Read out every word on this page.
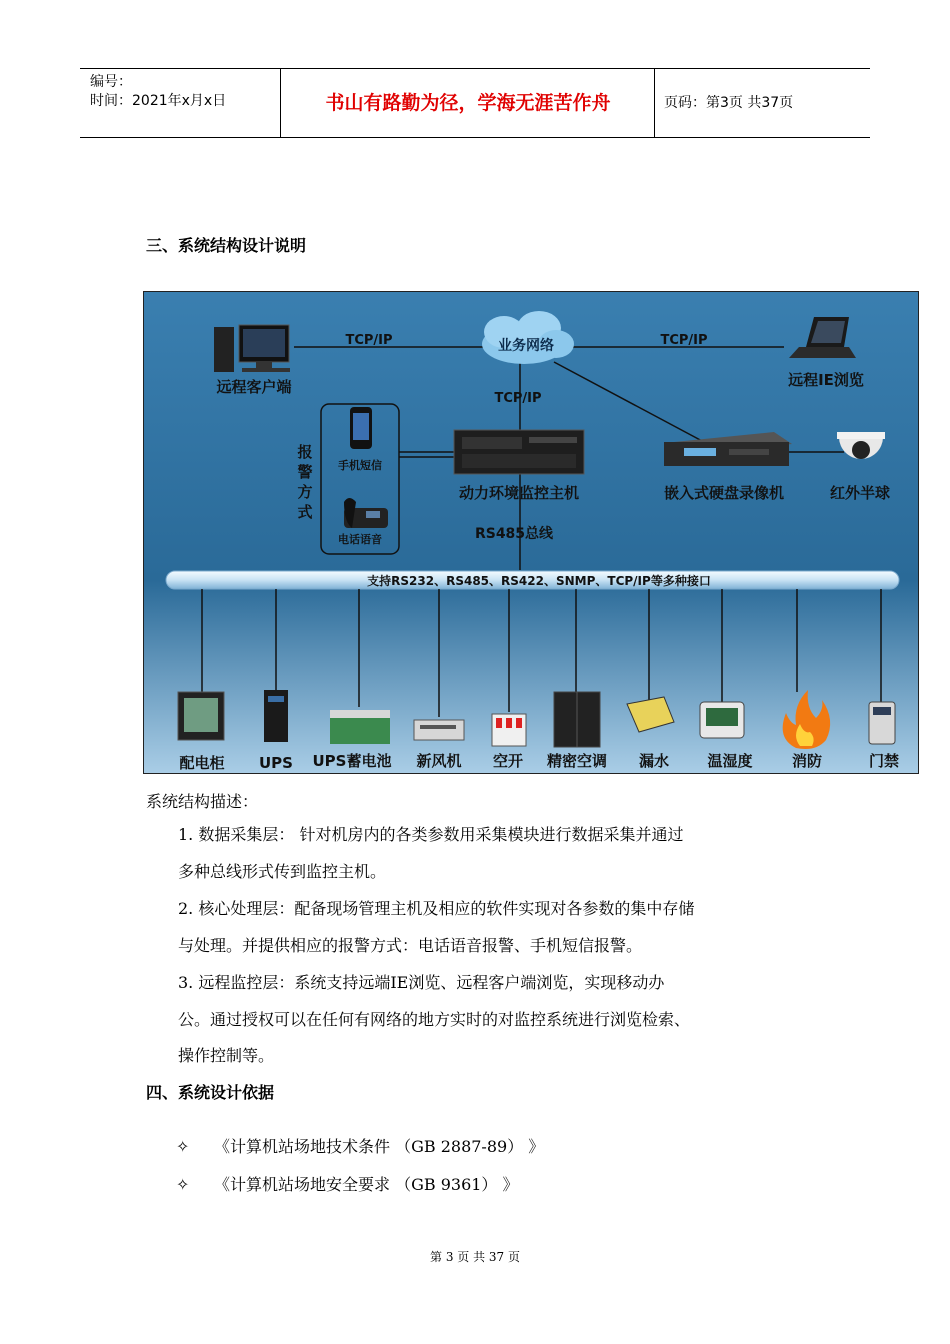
编号：
时间：2021年x月x日	书山有路勤为径，学海无涯苦作舟	页码：第3页 共37页
三、系统结构设计说明
TCP/IP	TCP/IP
TCP/IP
业务网络
远程客户端	远程IE浏览
报
警
方
式
手机短信
电话语音
动力环境监控主机
RS485总线
嵌入式硬盘录像机	红外半球
支持RS232、RS485、RS422、SNMP、TCP/IP等多种接口
配电柜 UPS UPS蓄电池 新风机 空开 精密空调 漏水	温湿度	消防	门禁
系统结构描述：
1. 数据采集层： 针对机房内的各类参数用采集模块进行数据采集并通过
多种总线形式传到监控主机。
2. 核心处理层：配备现场管理主机及相应的软件实现对各参数的集中存储
与处理。并提供相应的报警方式：电话语音报警、手机短信报警。
3. 远程监控层：系统支持远端IE浏览、远程客户端浏览，实现移动办
公。通过授权可以在任何有网络的地方实时的对监控系统进行浏览检索、
操作控制等。
四、系统设计依据
✧ 《计算机站场地技术条件 （GB 2887-89） 》
✧ 《计算机站场地安全要求 （GB 9361） 》
第 3 页 共 37 页
